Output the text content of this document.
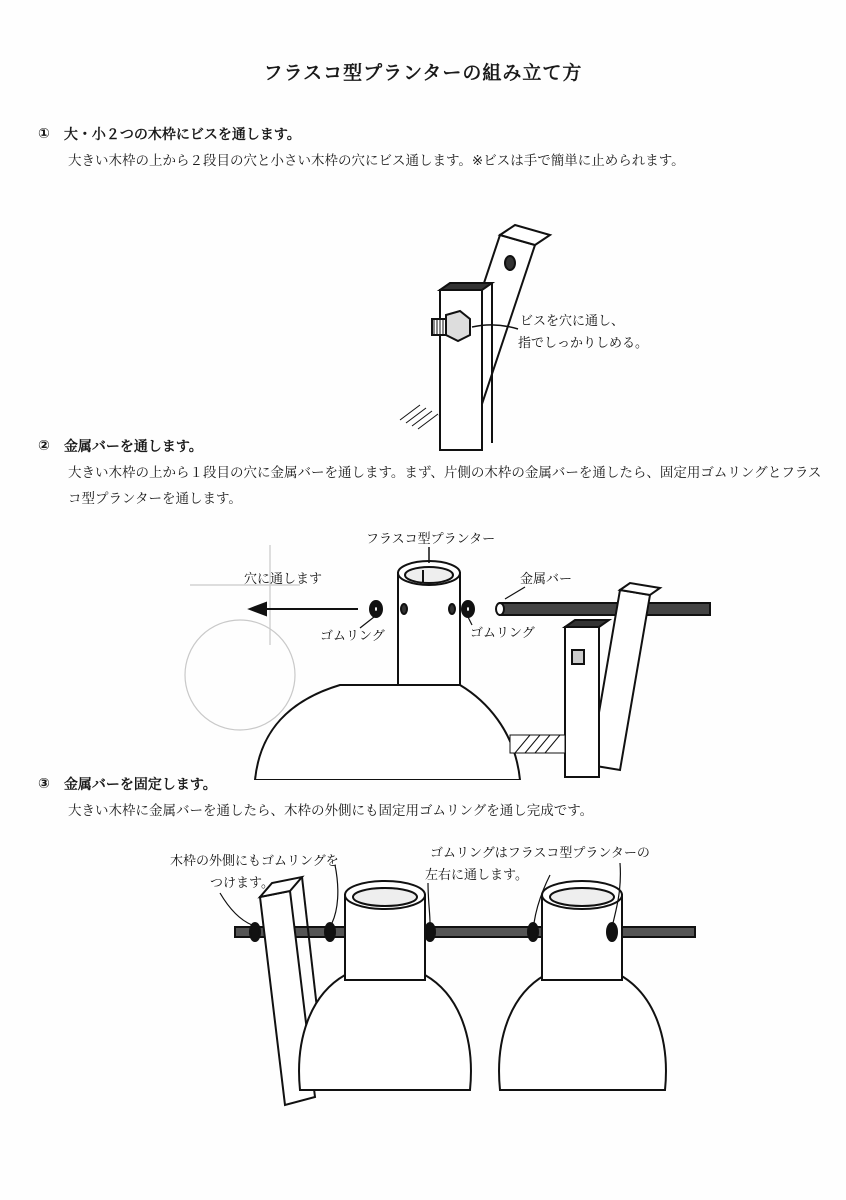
フラスコ型プランターの組み立て方
① 大・小２つの木枠にビスを通します。
大きい木枠の上から２段目の穴と小さい木枠の穴にビス通します。※ビスは手で簡単に止められます。
ビスを穴に通し、
指でしっかりしめる。
② 金属バーを通します。
大きい木枠の上から１段目の穴に金属バーを通します。まず、片側の木枠の金属バーを通したら、固定用ゴムリングとフラスコ型プランターを通します。
フラスコ型プランター
穴に通します
ゴムリング	ゴムリング
金属バー
③ 金属バーを固定します。
大きい木枠に金属バーを通したら、木枠の外側にも固定用ゴムリングを通し完成です。
木枠の外側にもゴムリングを
つけます。
ゴムリングはフラスコ型プランターの
左右に通します。
